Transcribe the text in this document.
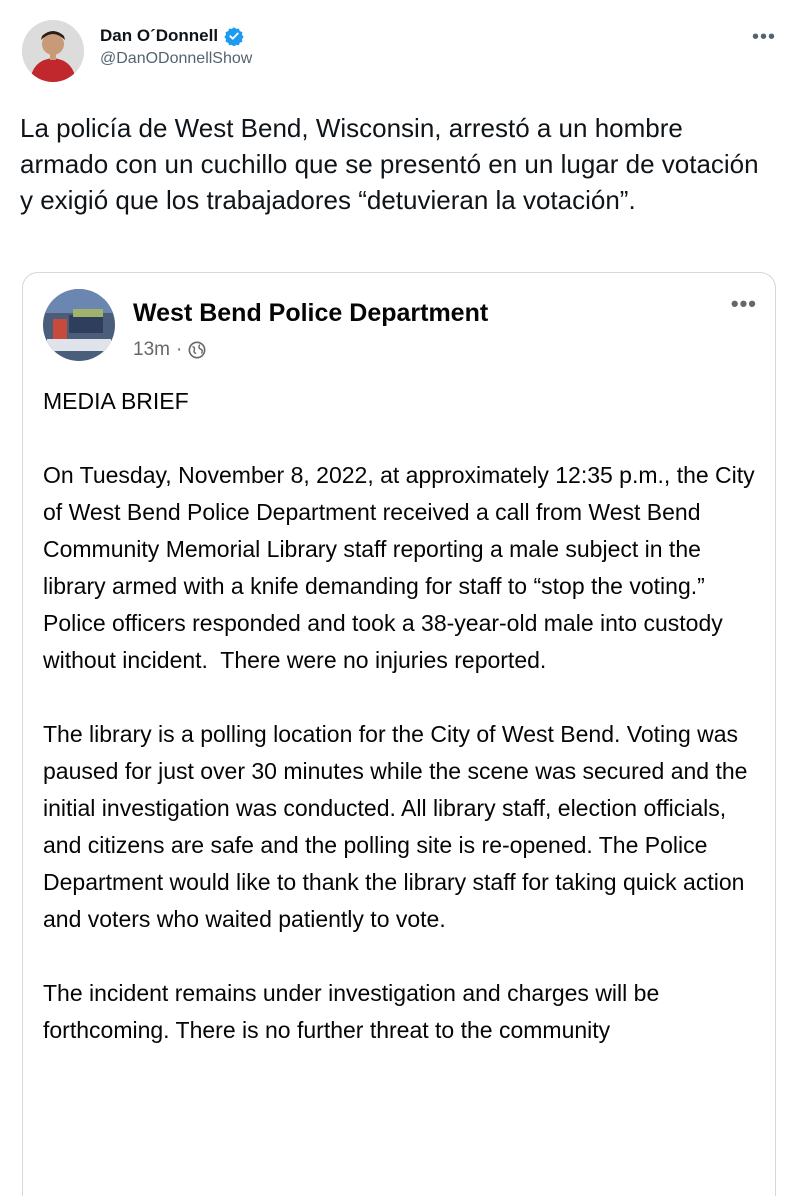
Dan O´Donnell
@DanODonnellShow
•••

La policía de West Bend, Wisconsin, arrestó a un hombre armado con un cuchillo que se presentó en un lugar de votación y exigió que los trabajadores “detuvieran la votación”.

West Bend Police Department
13m ·
•••

MEDIA BRIEF

On Tuesday, November 8, 2022, at approximately 12:35 p.m., the City of West Bend Police Department received a call from West Bend Community Memorial Library staff reporting a male subject in the library armed with a knife demanding for staff to “stop the voting.”  Police officers responded and took a 38-year-old male into custody without incident.  There were no injuries reported.

The library is a polling location for the City of West Bend. Voting was paused for just over 30 minutes while the scene was secured and the initial investigation was conducted. All library staff, election officials, and citizens are safe and the polling site is re-opened. The Police Department would like to thank the library staff for taking quick action and voters who waited patiently to vote.

The incident remains under investigation and charges will be forthcoming. There is no further threat to the community
